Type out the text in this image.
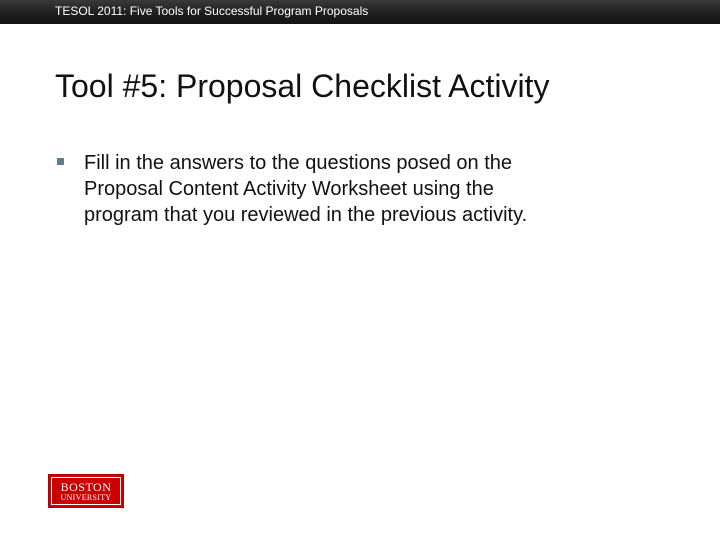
TESOL 2011: Five Tools for Successful Program Proposals
Tool #5: Proposal Checklist Activity
Fill in the answers to the questions posed on the
Proposal Content Activity Worksheet using the
program that you reviewed in the previous activity.
BOSTON
UNIVERSITY
